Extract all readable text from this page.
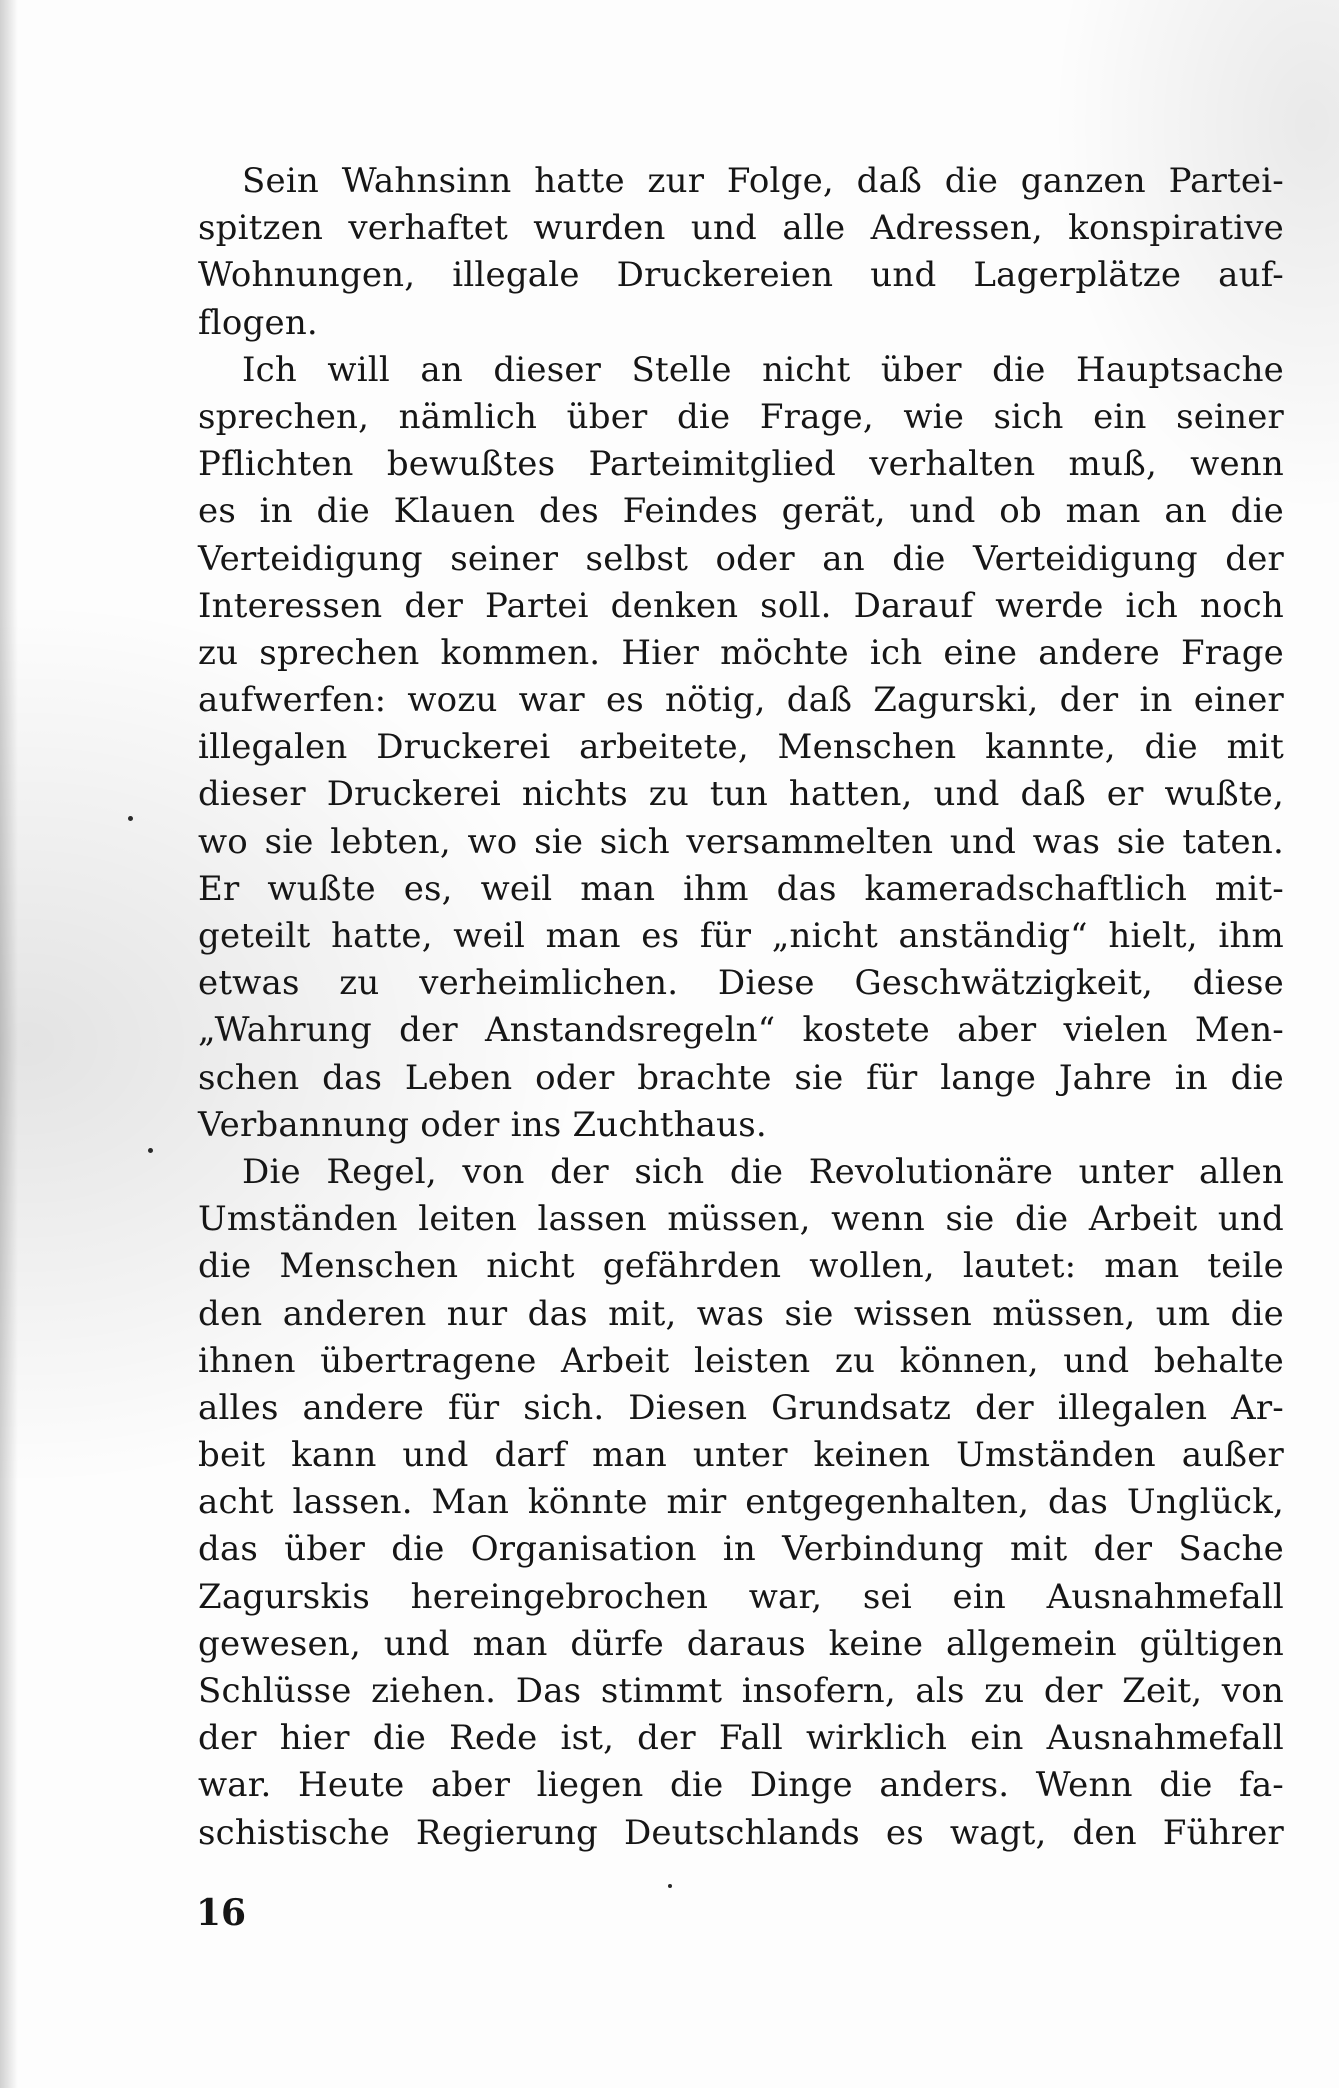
Sein Wahnsinn hatte zur Folge, daß die ganzen Partei-
spitzen verhaftet wurden und alle Adressen, konspirative
Wohnungen, illegale Druckereien und Lagerplätze auf-
flogen.

Ich will an dieser Stelle nicht über die Hauptsache
sprechen, nämlich über die Frage, wie sich ein seiner
Pflichten bewußtes Parteimitglied verhalten muß, wenn
es in die Klauen des Feindes gerät, und ob man an die
Verteidigung seiner selbst oder an die Verteidigung der
Interessen der Partei denken soll. Darauf werde ich noch
zu sprechen kommen. Hier möchte ich eine andere Frage
aufwerfen: wozu war es nötig, daß Zagurski, der in einer
illegalen Druckerei arbeitete, Menschen kannte, die mit
dieser Druckerei nichts zu tun hatten, und daß er wußte,
wo sie lebten, wo sie sich versammelten und was sie taten.
Er wußte es, weil man ihm das kameradschaftlich mit-
geteilt hatte, weil man es für „nicht anständig“ hielt, ihm
etwas zu verheimlichen. Diese Geschwätzigkeit, diese
„Wahrung der Anstandsregeln“ kostete aber vielen Men-
schen das Leben oder brachte sie für lange Jahre in die
Verbannung oder ins Zuchthaus.

Die Regel, von der sich die Revolutionäre unter allen
Umständen leiten lassen müssen, wenn sie die Arbeit und
die Menschen nicht gefährden wollen, lautet: man teile
den anderen nur das mit, was sie wissen müssen, um die
ihnen übertragene Arbeit leisten zu können, und behalte
alles andere für sich. Diesen Grundsatz der illegalen Ar-
beit kann und darf man unter keinen Umständen außer
acht lassen. Man könnte mir entgegenhalten, das Unglück,
das über die Organisation in Verbindung mit der Sache
Zagurskis hereingebrochen war, sei ein Ausnahmefall
gewesen, und man dürfe daraus keine allgemein gültigen
Schlüsse ziehen. Das stimmt insofern, als zu der Zeit, von
der hier die Rede ist, der Fall wirklich ein Ausnahmefall
war. Heute aber liegen die Dinge anders. Wenn die fa-
schistische Regierung Deutschlands es wagt, den Führer

16
